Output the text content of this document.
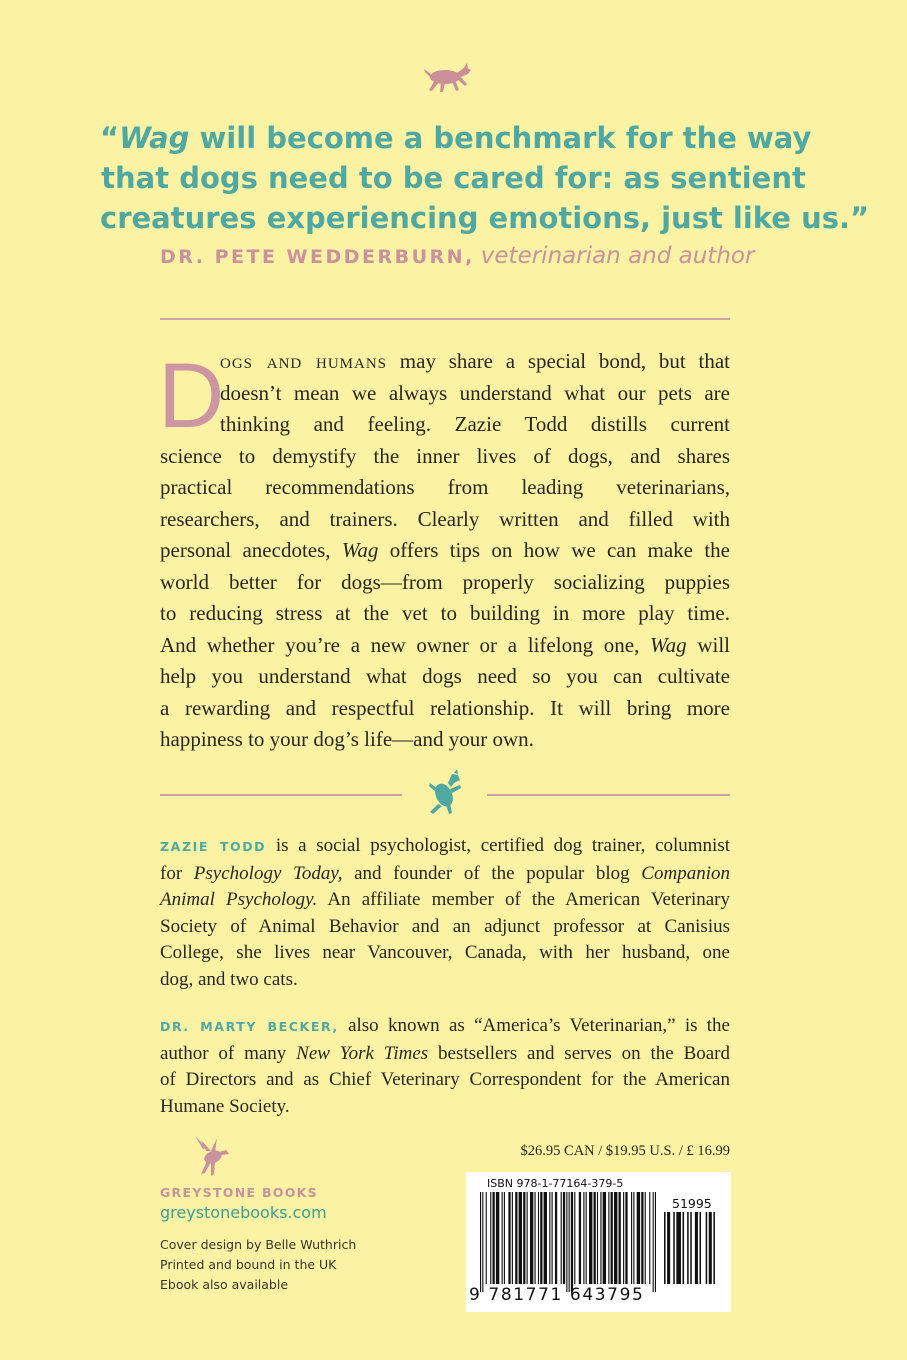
“Wag will become a benchmark for the way
that dogs need to be cared for: as sentient
creatures experiencing emotions, just like us.”
DR. PETE WEDDERBURN, veterinarian and author
D
ogs and humans may share a special bond, but that
doesn’t mean we always understand what our pets are
thinking and feeling. Zazie Todd distills current
science to demystify the inner lives of dogs, and shares
practical recommendations from leading veterinarians,
researchers, and trainers. Clearly written and filled with
personal anecdotes, Wag offers tips on how we can make the
world better for dogs—from properly socializing puppies
to reducing stress at the vet to building in more play time.
And whether you’re a new owner or a lifelong one, Wag will
help you understand what dogs need so you can cultivate
a rewarding and respectful relationship. It will bring more
happiness to your dog’s life—and your own.
ZAZIE TODD is a social psychologist, certified dog trainer, columnist
for Psychology Today, and founder of the popular blog Companion
Animal Psychology. An affiliate member of the American Veterinary
Society of Animal Behavior and an adjunct professor at Canisius
College, she lives near Vancouver, Canada, with her husband, one
dog, and two cats.
DR. MARTY BECKER, also known as “America’s Veterinarian,” is the
author of many New York Times bestsellers and serves on the Board
of Directors and as Chief Veterinary Correspondent for the American
Humane Society.
GREYSTONE BOOKS
greystonebooks.com
Cover design by Belle Wuthrich
Printed and bound in the UK
Ebook also available
$26.95 CAN / $19.95 U.S. / £ 16.99
ISBN 978-1-77164-379-5
51995
9 781771 643795
